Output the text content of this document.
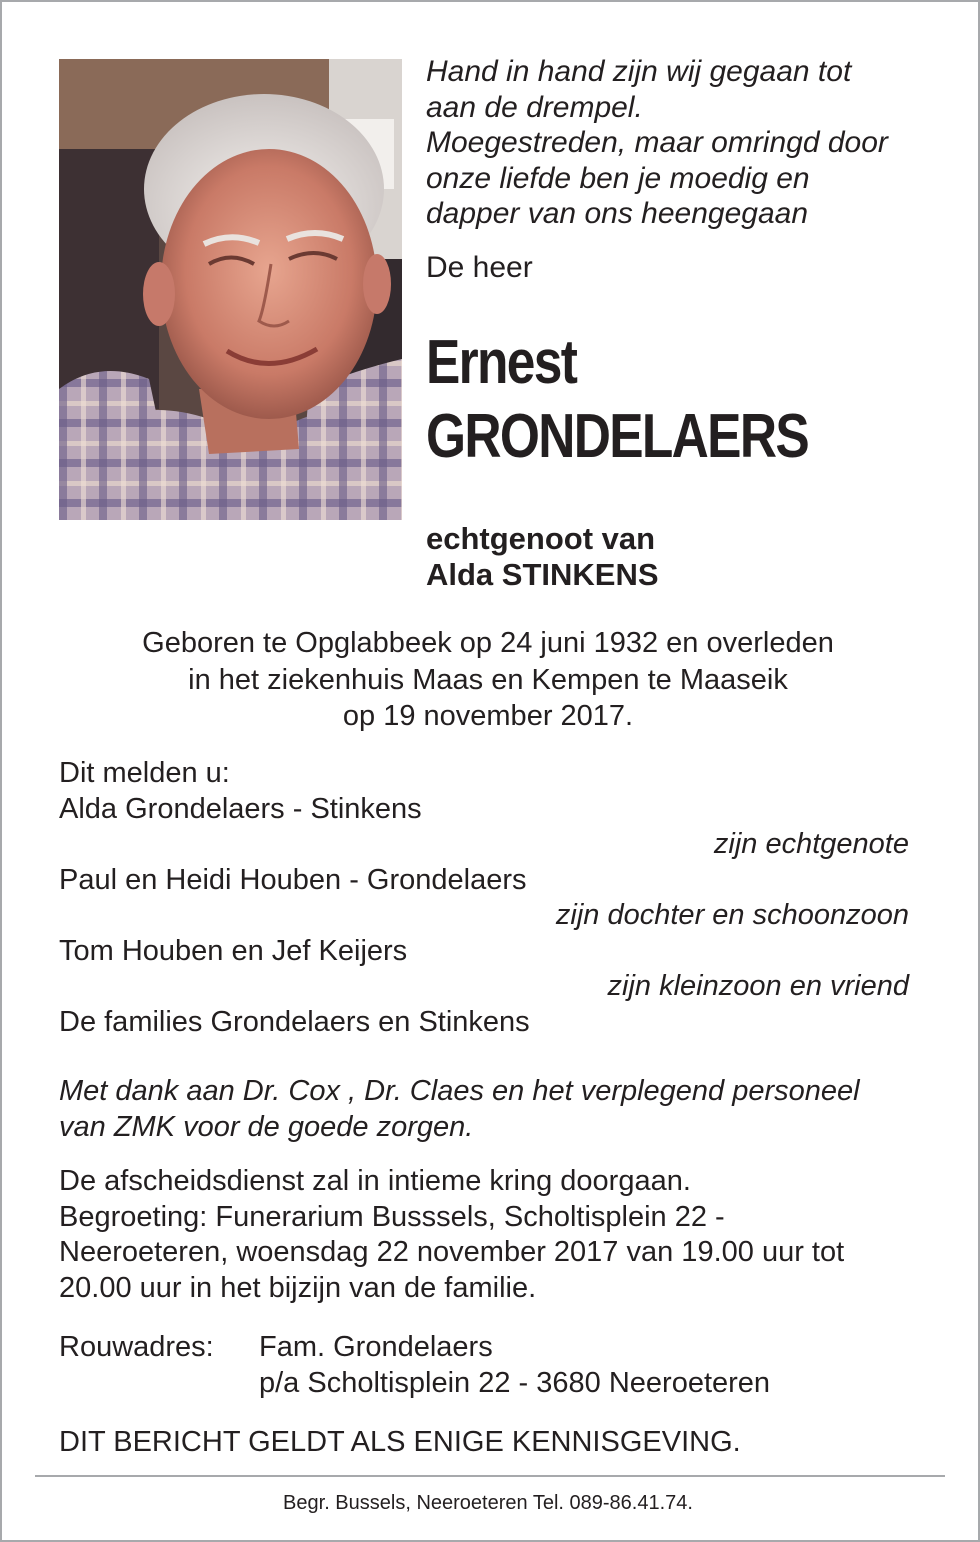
Hand in hand zijn wij gegaan tot
aan de drempel.
Moegestreden, maar omringd door
onze liefde ben je moedig en
dapper van ons heengegaan
De heer
Ernest
GRONDELAERS
echtgenoot van
Alda STINKENS
Geboren te Opglabbeek op 24 juni 1932 en overleden
in het ziekenhuis Maas en Kempen te Maaseik
op 19 november 2017.
Dit melden u:
Alda Grondelaers - Stinkens
zijn echtgenote
Paul en Heidi Houben - Grondelaers
zijn dochter en schoonzoon
Tom Houben en Jef Keijers
zijn kleinzoon en vriend
De families Grondelaers en Stinkens
Met dank aan Dr. Cox , Dr. Claes en het verplegend personeel
van ZMK voor de goede zorgen.
De afscheidsdienst zal in intieme kring doorgaan.
Begroeting: Funerarium Busssels, Scholtisplein 22 -
Neeroeteren, woensdag 22 november 2017 van 19.00 uur tot
20.00 uur in het bijzijn van de familie.
Rouwadres: Fam. Grondelaers
p/a Scholtisplein 22 - 3680 Neeroeteren
DIT BERICHT GELDT ALS ENIGE KENNISGEVING.
Begr. Bussels, Neeroeteren Tel. 089-86.41.74.
